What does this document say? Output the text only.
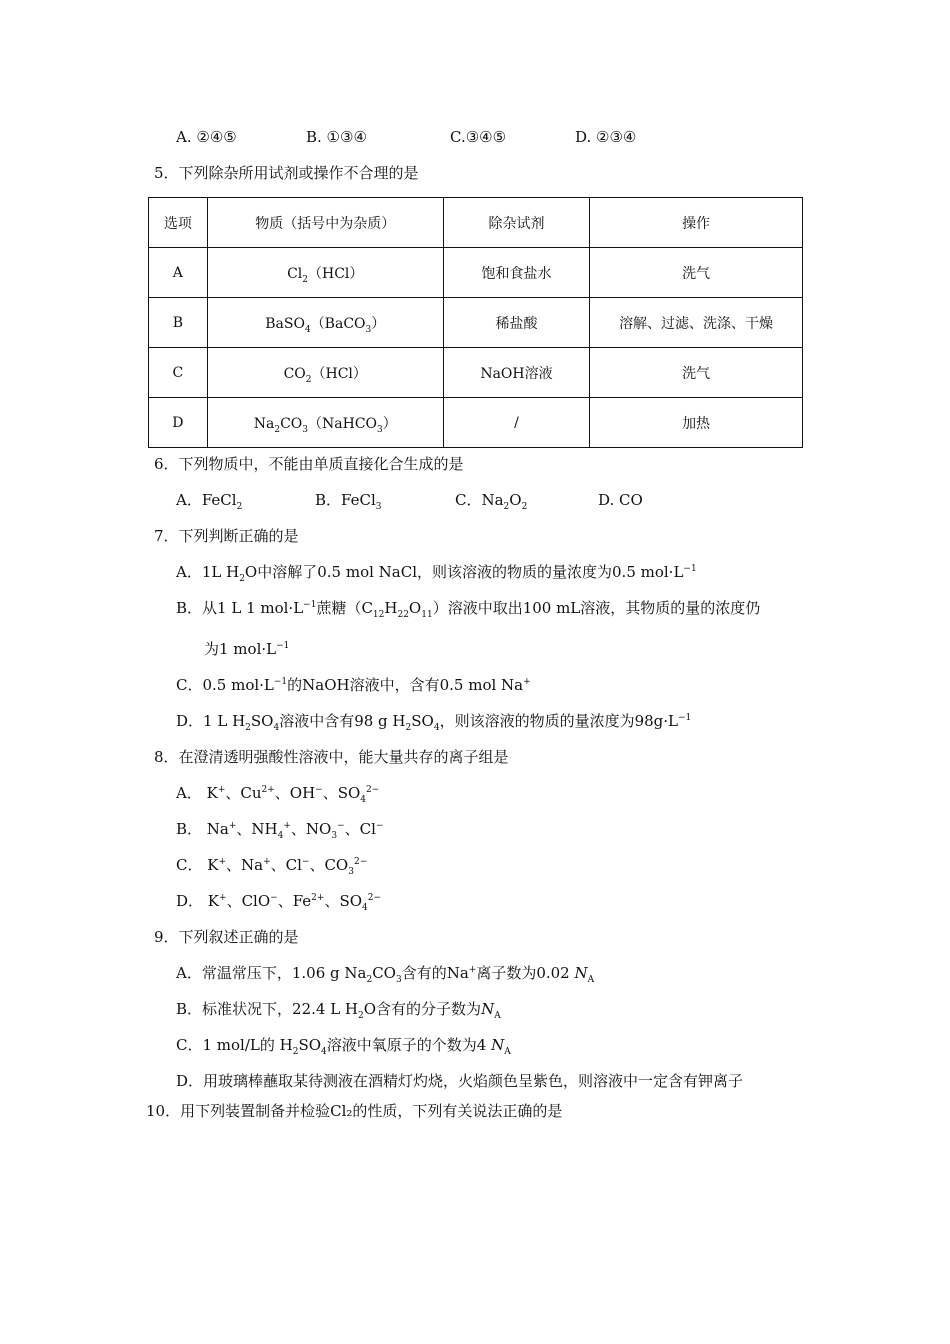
A. ②④⑤	B. ①③④	C.③④⑤	D. ②③④
5．下列除杂所用试剂或操作不合理的是
选项	物质（括号中为杂质）	除杂试剂	操作
A	$Cl_2(HCl)$	饱和食盐水	洗气
B	BaSO$_4$（BaCO$_3$）	稀盐酸	溶解、过滤、洗涤、干燥
C	$CO_2(HCl)$	NaOH溶液	洗气
D	$Na_2CO_3(NaHCO_3)$	/	加热
6．下列物质中，不能由单质直接化合生成的是
A．FeCl$_2$	B．FeCl$_3$	C．$Na_2O_2$	D. CO
7．下列判断正确的是
A．1L $H_2O$中溶解了0.5 mol NaCl，则该溶液的物质的量浓度为0.5 $mol\cdot L^{-1}$
B．从1 L 1 $mol\cdot L^{-1}$蔗糖$(C_{12}H_{22}O_{11})$溶液中取出100 mL溶液，其物质的量的浓度仍
为1 $mol\cdot L^{-1}$
C．0.5 $mol\cdot L^{-1}$的NaOH溶液中，含有0.5 mol Na+
D．1 L $H_2SO_4$溶液中含有98 g $H_2SO_4$，则该溶液的物质的量浓度为$98g\cdot L^{-1}$
8．在澄清透明强酸性溶液中，能大量共存的离子组是
A． K+、$Cu^{2+}$、OH−、$SO_4^{2-}$
B． Na+、$NH_4^+$、$NO_3^-$、Cl−
C． K+、Na+、Cl−、$CO_3^{2-}$
D． K+、ClO−、$Fe^{2+}$、$SO_4^{2-}$
9．下列叙述正确的是
A．常温常压下，1.06 g $Na_2CO_3$含有的Na+离子数为0.02 $N_A$
B．标准状况下，22.4 L $H_2O$含有的分子数为$N_A$
C．1 mol/L的 $H_2SO_4$溶液中氧原子的个数为4 $N_A$
D．用玻璃棒蘸取某待测液在酒精灯灼烧，火焰颜色呈紫色，则溶液中一定含有钾离子
10．用下列装置制备并检验Cl₂的性质，下列有关说法正确的是
